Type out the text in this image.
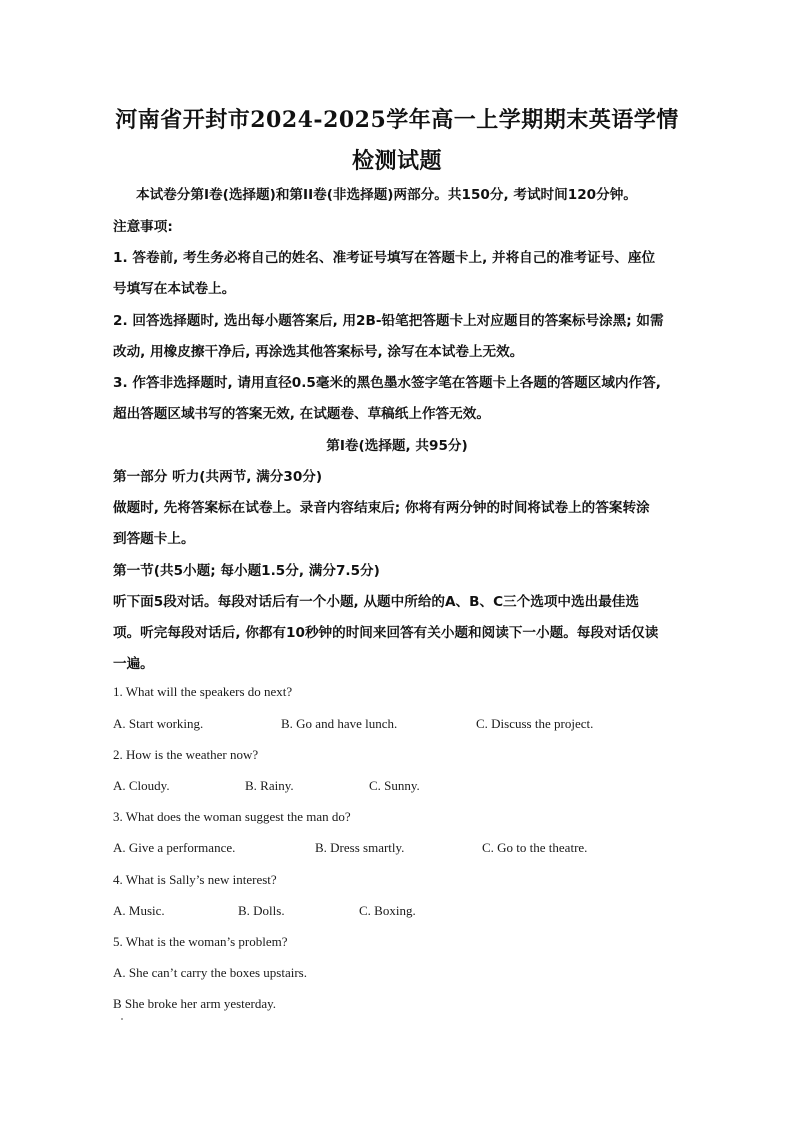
河南省开封市2024-2025学年高一上学期期末英语学情
检测试题
本试卷分第I卷(选择题)和第II卷(非选择题)两部分。共150分, 考试时间120分钟。
注意事项:
1. 答卷前, 考生务必将自己的姓名、准考证号填写在答题卡上, 并将自己的准考证号、座位
号填写在本试卷上。
2. 回答选择题时, 选出每小题答案后, 用2B-铅笔把答题卡上对应题目的答案标号涂黑; 如需
改动, 用橡皮擦干净后, 再涂选其他答案标号, 涂写在本试卷上无效。
3. 作答非选择题时, 请用直径0.5毫米的黑色墨水签字笔在答题卡上各题的答题区域内作答,
超出答题区域书写的答案无效, 在试题卷、草稿纸上作答无效。
第I卷(选择题, 共95分)
第一部分 听力(共两节, 满分30分)
做题时, 先将答案标在试卷上。录音内容结束后; 你将有两分钟的时间将试卷上的答案转涂
到答题卡上。
第一节(共5小题; 每小题1.5分, 满分7.5分)
听下面5段对话。每段对话后有一个小题, 从题中所给的A、B、C三个选项中选出最佳选
项。听完每段对话后, 你都有10秒钟的时间来回答有关小题和阅读下一小题。每段对话仅读
一遍。
1. What will the speakers do next?
A. Start working.	B. Go and have lunch.	C. Discuss the project.
2. How is the weather now?
A. Cloudy.	B. Rainy.	C. Sunny.
3. What does the woman suggest the man do?
A. Give a performance.	B. Dress smartly.	C. Go to the theatre.
4. What is Sally’s new interest?
A. Music.	B. Dolls.	C. Boxing.
5. What is the woman’s problem?
A. She can’t carry the boxes upstairs.
B She broke her arm yesterday.
